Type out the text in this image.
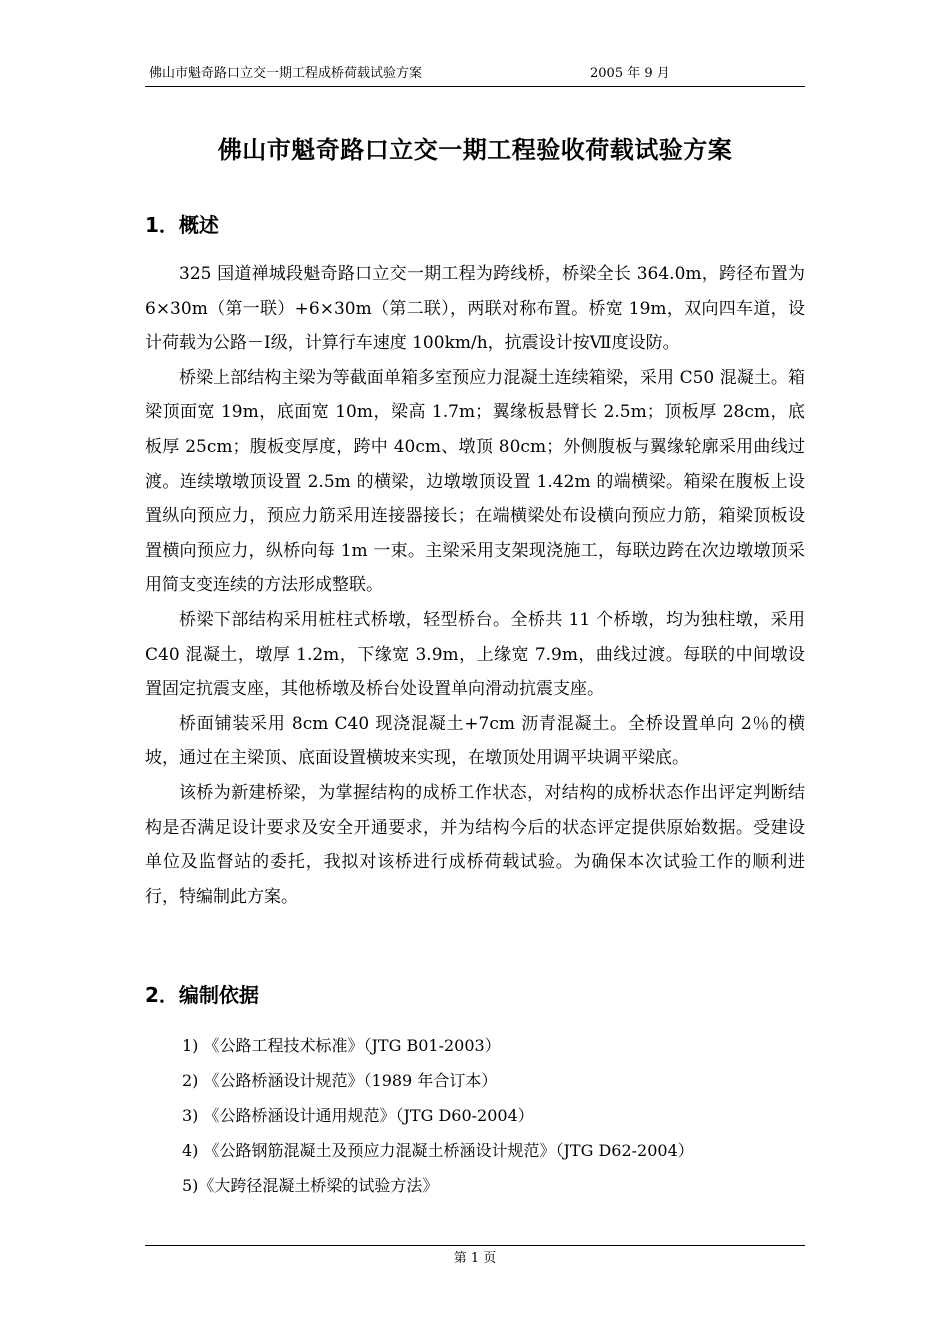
佛山市魁奇路口立交一期工程成桥荷载试验方案	2005 年 9 月
佛山市魁奇路口立交一期工程验收荷载试验方案
1．概述

325 国道禅城段魁奇路口立交一期工程为跨线桥，桥梁全长 364.0m，跨径布置为 6×30m（第一联）+6×30m（第二联），两联对称布置。桥宽 19m，双向四车道，设计荷载为公路－Ⅰ级，计算行车速度 100km/h，抗震设计按Ⅶ度设防。

桥梁上部结构主梁为等截面单箱多室预应力混凝土连续箱梁，采用 C50 混凝土。箱梁顶面宽 19m，底面宽 10m，梁高 1.7m；翼缘板悬臂长 2.5m；顶板厚 28cm，底板厚 25cm；腹板变厚度，跨中 40cm、墩顶 80cm；外侧腹板与翼缘轮廓采用曲线过渡。连续墩墩顶设置 2.5m 的横梁，边墩墩顶设置 1.42m 的端横梁。箱梁在腹板上设置纵向预应力，预应力筋采用连接器接长；在端横梁处布设横向预应力筋，箱梁顶板设置横向预应力，纵桥向每 1m 一束。主梁采用支架现浇施工，每联边跨在次边墩墩顶采用简支变连续的方法形成整联。

桥梁下部结构采用桩柱式桥墩，轻型桥台。全桥共 11 个桥墩，均为独柱墩，采用 C40 混凝土，墩厚 1.2m，下缘宽 3.9m，上缘宽 7.9m，曲线过渡。每联的中间墩设置固定抗震支座，其他桥墩及桥台处设置单向滑动抗震支座。

桥面铺装采用 8cm C40 现浇混凝土+7cm 沥青混凝土。全桥设置单向 2％的横坡，通过在主梁顶、底面设置横坡来实现，在墩顶处用调平块调平梁底。

该桥为新建桥梁，为掌握结构的成桥工作状态，对结构的成桥状态作出评定判断结构是否满足设计要求及安全开通要求，并为结构今后的状态评定提供原始数据。受建设单位及监督站的委托，我拟对该桥进行成桥荷载试验。为确保本次试验工作的顺利进行，特编制此方案。

2．编制依据
1) 《公路工程技术标准》（JTG B01-2003）
2) 《公路桥涵设计规范》（1989 年合订本）
3) 《公路桥涵设计通用规范》（JTG D60-2004）
4) 《公路钢筋混凝土及预应力混凝土桥涵设计规范》（JTG D62-2004）
5)《大跨径混凝土桥梁的试验方法》
第 1 页
